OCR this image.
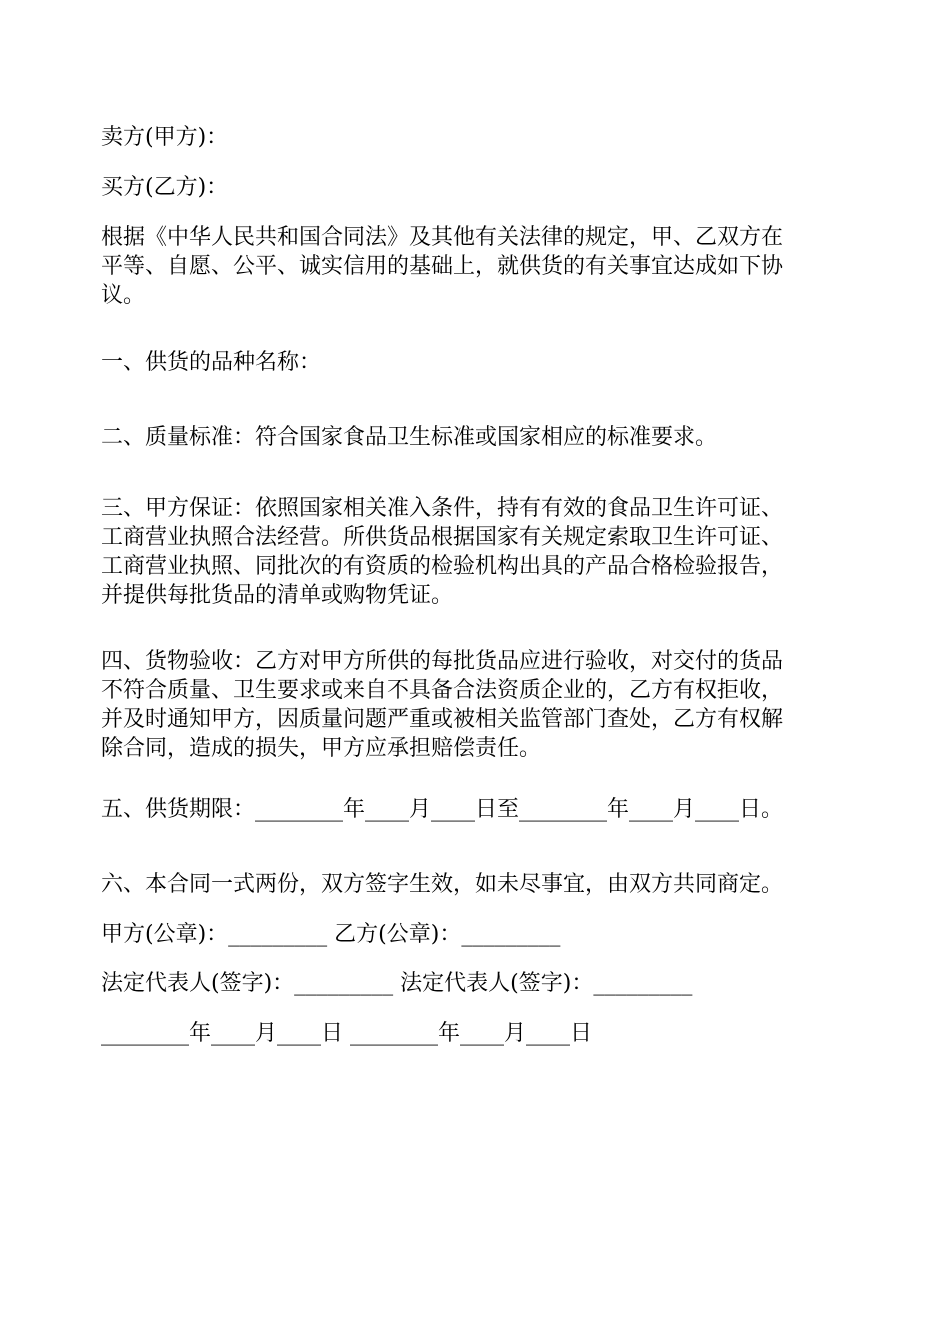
卖方(甲方)：

买方(乙方)：

根据《中华人民共和国合同法》及其他有关法律的规定，甲、乙双方在
平等、自愿、公平、诚实信用的基础上，就供货的有关事宜达成如下协
议。

一、供货的品种名称：

二、质量标准：符合国家食品卫生标准或国家相应的标准要求。

三、甲方保证：依照国家相关准入条件，持有有效的食品卫生许可证、
工商营业执照合法经营。所供货品根据国家有关规定索取卫生许可证、
工商营业执照、同批次的有资质的检验机构出具的产品合格检验报告，
并提供每批货品的清单或购物凭证。

四、货物验收：乙方对甲方所供的每批货品应进行验收，对交付的货品
不符合质量、卫生要求或来自不具备合法资质企业的，乙方有权拒收，
并及时通知甲方，因质量问题严重或被相关监管部门查处，乙方有权解
除合同，造成的损失，甲方应承担赔偿责任。

五、供货期限：________年____月____日至________年____月____日。

六、本合同一式两份，双方签字生效，如未尽事宜，由双方共同商定。

甲方(公章)：_________ 乙方(公章)：_________

法定代表人(签字)：_________ 法定代表人(签字)：_________

________年____月____日 ________年____月____日
